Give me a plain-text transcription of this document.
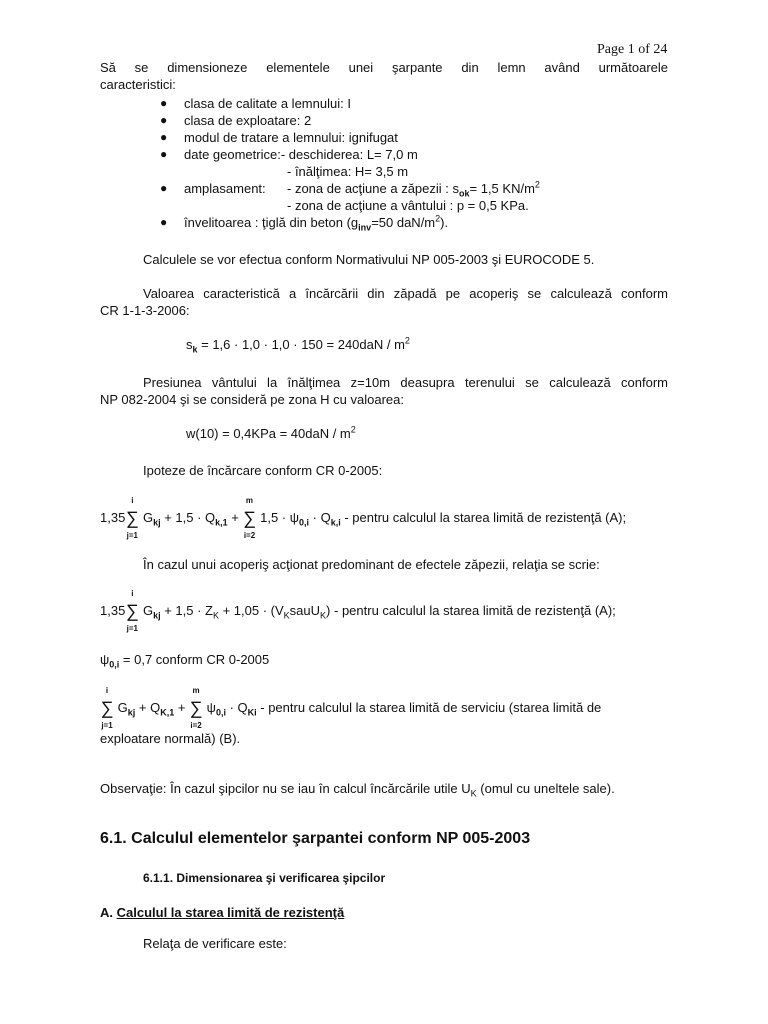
Page 1 of 24
Să se dimensioneze elementele unei şarpante din lemn având următoarele
caracteristici:
● clasa de calitate a lemnului: I
● clasa de exploatare: 2
● modul de tratare a lemnului: ignifugat
● date geometrice:- deschiderea: L= 7,0 m
- înălţimea: H= 3,5 m
● amplasament: - zona de acţiune a zăpezii : $s_{ok}= 1,5$ $KN/m^2$
- zona de acţiune a vântului : p = 0,5 KPa.
● învelitoarea : ţiglă din beton ($g_{inv}=50$ daN/$m^2$).
Calculele se vor efectua conform Normativului NP 005-2003 şi EUROCODE 5.
Valoarea caracteristică a încărcării din zăpadă pe acoperiş se calculează conform
CR 1-1-3-2006:
$s_k = 1,6 \cdot 1,0 \cdot 1,0 \cdot 150 = 240daN / m^2$
Presiunea vântului la înălţimea z=10m deasupra terenului se calculează conform
NP 082-2004 şi se consideră pe zona H cu valoarea:
$w(10) = 0,4KPa = 40daN / m^2$
Ipoteze de încărcare conform CR 0-2005:
1,35∑
i
j=1
$G_{kj} + 1,5 \cdot Q_{k,1}$ + ∑
m
i=2
$1,5 \cdot \psi_{0,i} \cdot Q_{k,i}$ - pentru calculul la starea limită de rezistenţă (A);
În cazul unui acoperiş acţionat predominant de efectele zăpezii, relaţia se scrie:
1,35∑
i
j=1
$G_{kj} + 1,5 \cdot Z_K + 1,05$ · $(V_KsauU_K)$ - pentru calculul la starea limită de rezistenţă (A);
$\psi_{0,i} = 0,7$ conform CR 0-2005
∑
i
j=1
$G_{kj} + Q_{K,1}$ + ∑
m
i=2
$\psi_{0,i} \cdot Q_{Ki}$ - pentru calculul la starea limită de serviciu (starea limită de
exploatare normală) (B).
Observaţie: În cazul şipcilor nu se iau în calcul încărcările utile $U_K$ (omul cu uneltele sale).
6.1. Calculul elementelor şarpantei conform NP 005-2003
6.1.1. Dimensionarea şi verificarea şipcilor
A. Calculul la starea limită de rezistenţă
Relaţa de verificare este:
